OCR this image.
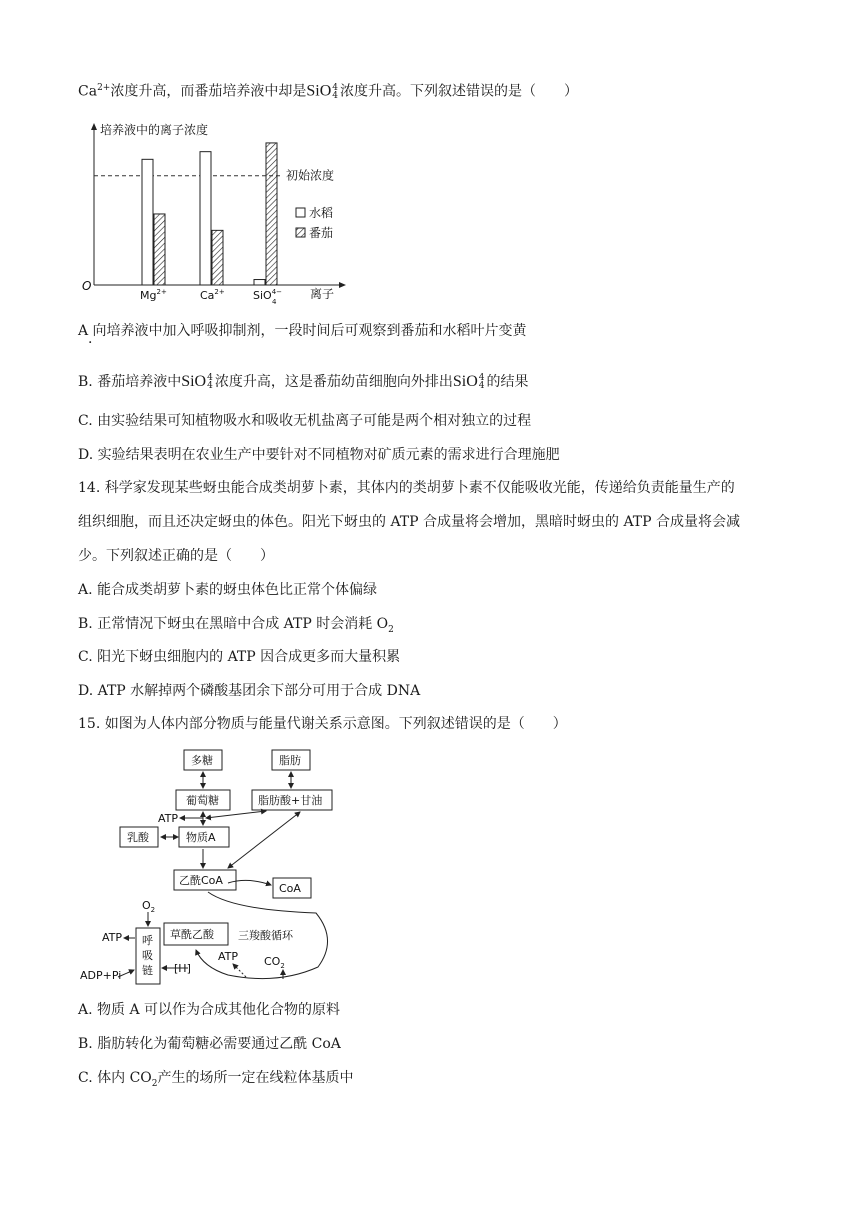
$Ca^{2+}$浓度升高，而番茄培养液中却是SiO 4
4 浓度升高。下列叙述错误的是（　　）
培养液中的离子浓度
O
离子
初始浓度
$Mg^{2+}$	$Ca^{2+}$	SiO$^{4-}$ 4
水稻
番茄
A 向培养液中加入呼吸抑制剂，一段时间后可观察到番茄和水稻叶片变黄
·
B. 番茄培养液中SiO 4
4 浓度升高，这是番茄幼苗细胞向外排出SiO 4
4 的结果
C. 由实验结果可知植物吸水和吸收无机盐离子可能是两个相对独立的过程
D. 实验结果表明在农业生产中要针对不同植物对矿质元素的需求进行合理施肥
14. 科学家发现某些蚜虫能合成类胡萝卜素，其体内的类胡萝卜素不仅能吸收光能，传递给负责能量生产的
组织细胞，而且还决定蚜虫的体色。阳光下蚜虫的 ATP 合成量将会增加，黑暗时蚜虫的 ATP 合成量将会减
少。下列叙述正确的是（　　）
A. 能合成类胡萝卜素的蚜虫体色比正常个体偏绿
B. 正常情况下蚜虫在黑暗中合成 ATP 时会消耗 $O_2$
C. 阳光下蚜虫细胞内的 ATP 因合成更多而大量积累
D. ATP 水解掉两个磷酸基团余下部分可用于合成 DNA
15. 如图为人体内部分物质与能量代谢关系示意图。下列叙述错误的是（　　）
多糖	脂肪
葡萄糖	脂肪酸+甘油
ATP
乳酸	物质A
乙酰CoA
CoA
$O_2$
呼
吸
链
草酰乙酸 三羧酸循环
ATP
ADP+Pi
[H]
ATP $CO_2$
A. 物质 A 可以作为合成其他化合物的原料
B. 脂肪转化为葡萄糖必需要通过乙酰 CoA
C. 体内 $CO_2$产生的场所一定在线粒体基质中
